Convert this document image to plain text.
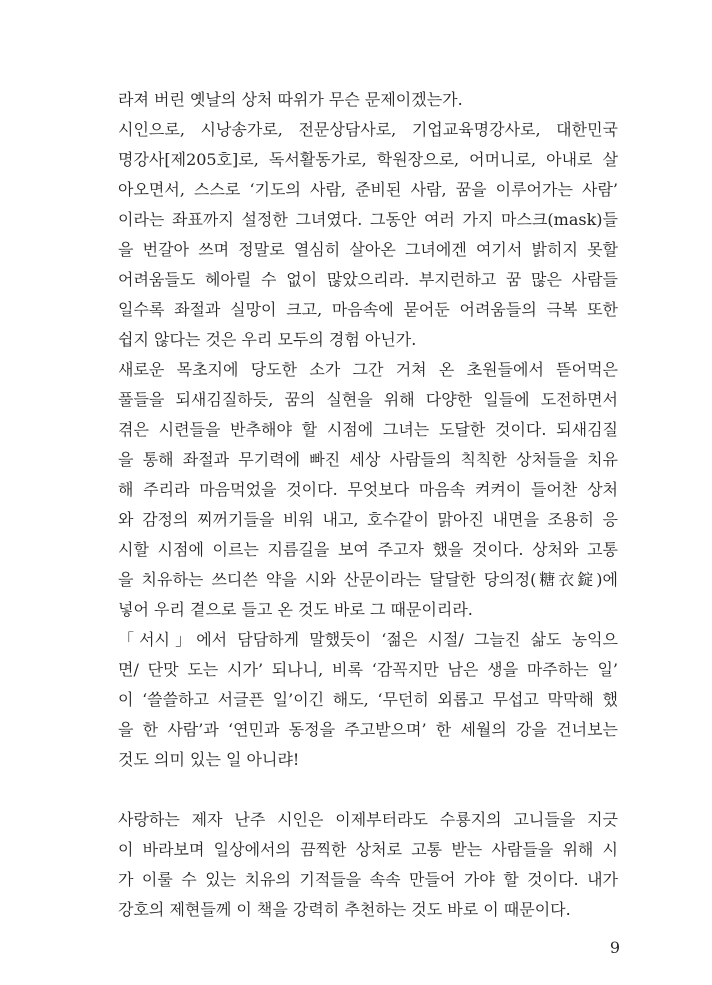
라져 버린 옛날의 상처 따위가 무슨 문제이겠는가.
시인으로, 시낭송가로, 전문상담사로, 기업교육명강사로, 대한민국
명강사[제205호]로, 독서활동가로, 학원장으로, 어머니로, 아내로 살
아오면서, 스스로 ‘기도의 사람, 준비된 사람, 꿈을 이루어가는 사람’
이라는 좌표까지 설정한 그녀였다. 그동안 여러 가지 마스크(mask)들
을 번갈아 쓰며 정말로 열심히 살아온 그녀에겐 여기서 밝히지 못할
어려움들도 헤아릴 수 없이 많았으리라. 부지런하고 꿈 많은 사람들
일수록 좌절과 실망이 크고, 마음속에 묻어둔 어려움들의 극복 또한
쉽지 않다는 것은 우리 모두의 경험 아닌가.
새로운 목초지에 당도한 소가 그간 거쳐 온 초원들에서 뜯어먹은
풀들을 되새김질하듯, 꿈의 실현을 위해 다양한 일들에 도전하면서
겪은 시련들을 반추해야 할 시점에 그녀는 도달한 것이다. 되새김질
을 통해 좌절과 무기력에 빠진 세상 사람들의 칙칙한 상처들을 치유
해 주리라 마음먹었을 것이다. 무엇보다 마음속 켜켜이 들어찬 상처
와 감정의 찌꺼기들을 비워 내고, 호수같이 맑아진 내면을 조용히 응
시할 시점에 이르는 지름길을 보여 주고자 했을 것이다. 상처와 고통
을 치유하는 쓰디쓴 약을 시와 산문이라는 달달한 당의정(糖衣錠)에
넣어 우리 곁으로 들고 온 것도 바로 그 때문이리라.
「서시」에서 담담하게 말했듯이 ‘젊은 시절/ 그늘진 삶도 농익으
면/ 단맛 도는 시가’ 되나니, 비록 ‘감꼭지만 남은 생을 마주하는 일’
이 ‘쓸쓸하고 서글픈 일’이긴 해도, ‘무던히 외롭고 무섭고 막막해 했
을 한 사람’과 ‘연민과 동정을 주고받으며’ 한 세월의 강을 건너보는
것도 의미 있는 일 아니랴!
사랑하는 제자 난주 시인은 이제부터라도 수룡지의 고니들을 지긋
이 바라보며 일상에서의 끔찍한 상처로 고통 받는 사람들을 위해 시
가 이룰 수 있는 치유의 기적들을 속속 만들어 가야 할 것이다. 내가
강호의 제현들께 이 책을 강력히 추천하는 것도 바로 이 때문이다.
9
